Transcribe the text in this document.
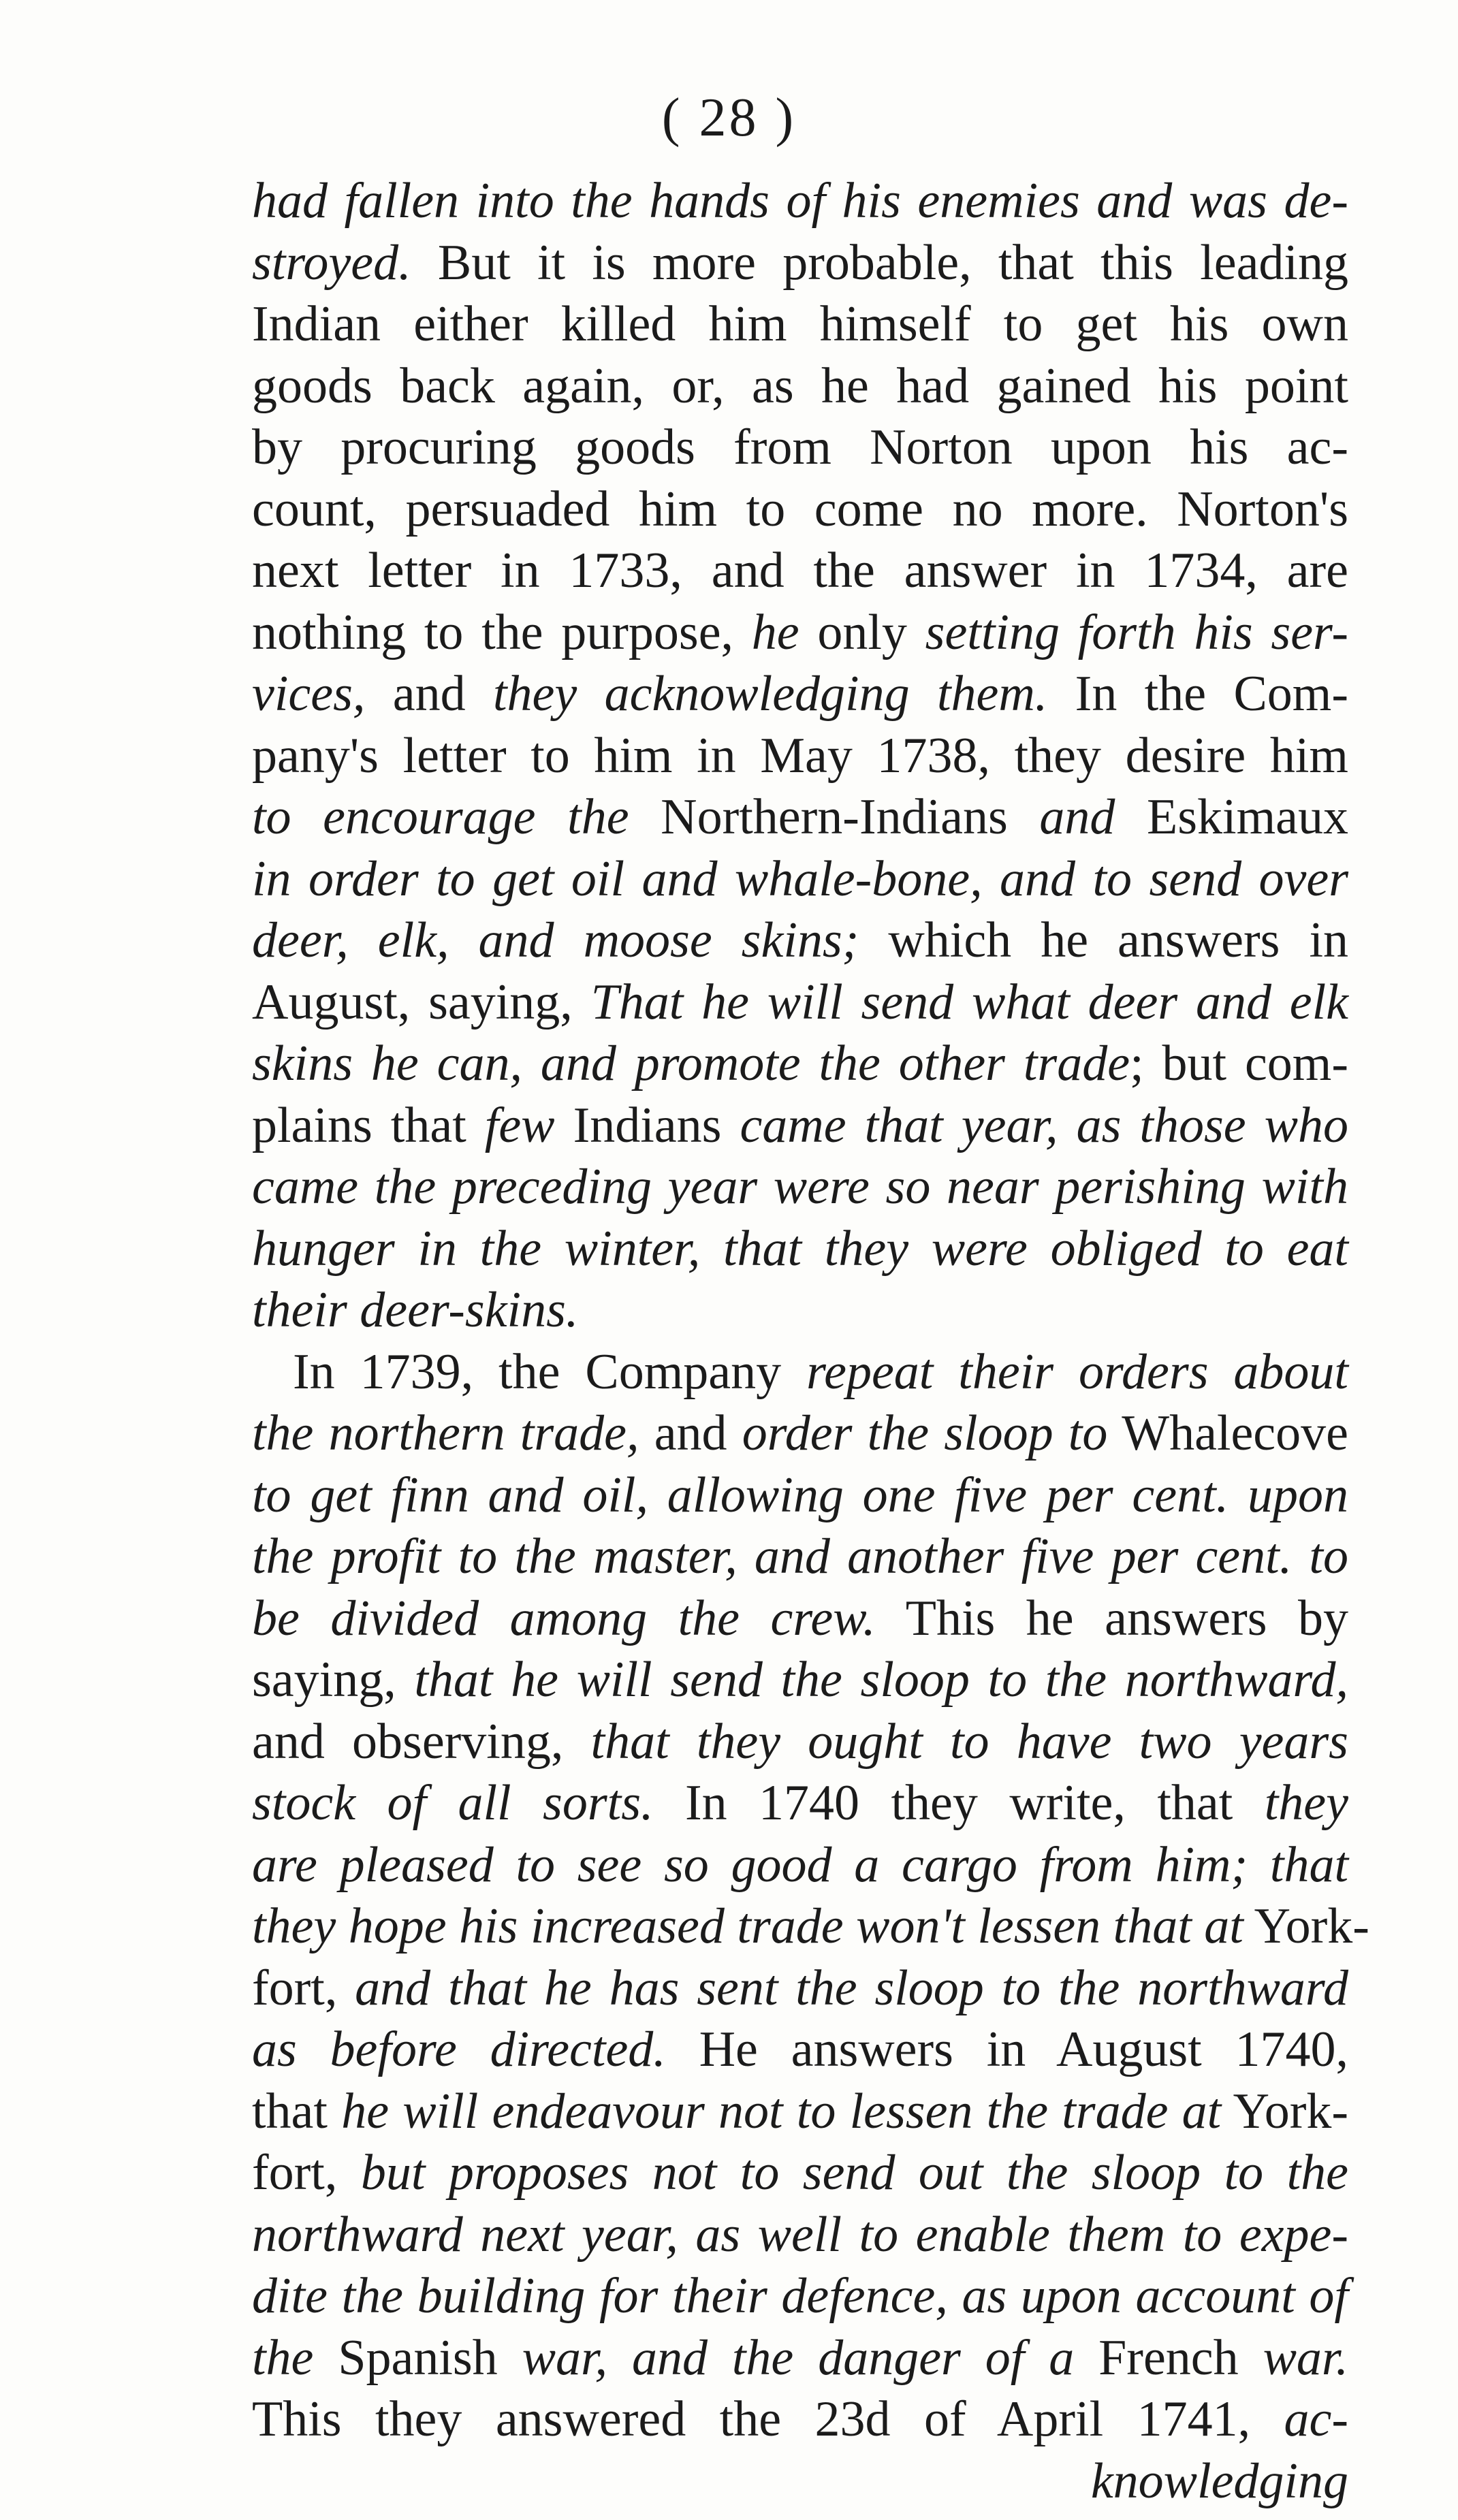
( 28 )
had fallen into the hands of his enemies and was de-
stroyed. But it is more probable, that this leading
Indian either killed him himself to get his own
goods back again, or, as he had gained his point
by procuring goods from Norton upon his ac-
count, persuaded him to come no more. Norton's
next letter in 1733, and the answer in 1734, are
nothing to the purpose, he only setting forth his ser-
vices, and they acknowledging them. In the Com-
pany's letter to him in May 1738, they desire him
to encourage the Northern-Indians and Eskimaux
in order to get oil and whale-bone, and to send over
deer, elk, and moose skins; which he answers in
August, saying, That he will send what deer and elk
skins he can, and promote the other trade; but com-
plains that few Indians came that year, as those who
came the preceding year were so near perishing with
hunger in the winter, that they were obliged to eat
their deer-skins.
In 1739, the Company repeat their orders about
the northern trade, and order the sloop to Whalecove
to get finn and oil, allowing one five per cent. upon
the profit to the master, and another five per cent. to
be divided among the crew. This he answers by
saying, that he will send the sloop to the northward,
and observing, that they ought to have two years
stock of all sorts. In 1740 they write, that they
are pleased to see so good a cargo from him; that
they hope his increased trade won't lessen that at York-
fort, and that he has sent the sloop to the northward
as before directed. He answers in August 1740,
that he will endeavour not to lessen the trade at York-
fort, but proposes not to send out the sloop to the
northward next year, as well to enable them to expe-
dite the building for their defence, as upon account of
the Spanish war, and the danger of a French war.
This they answered the 23d of April 1741, ac-
knowledging
